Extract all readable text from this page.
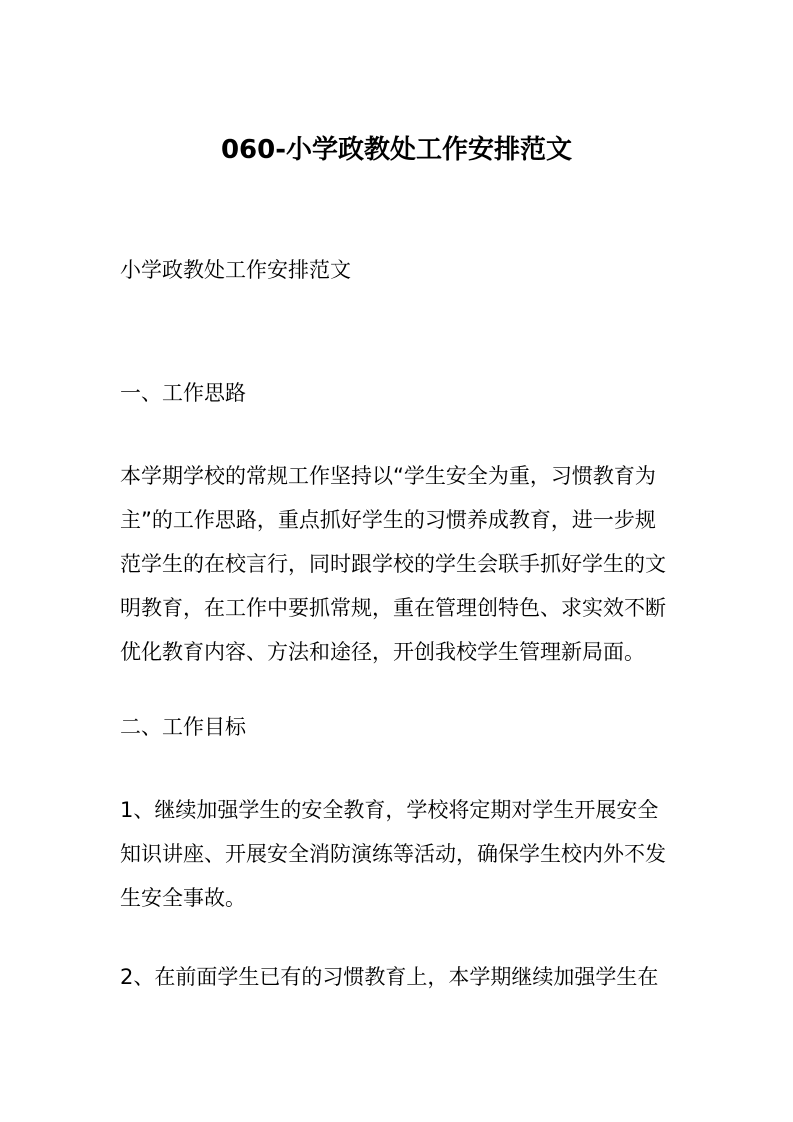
060-小学政教处工作安排范文
小学政教处工作安排范文
一、工作思路
本学期学校的常规工作坚持以“学生安全为重，习惯教育为
主”的工作思路，重点抓好学生的习惯养成教育，进一步规
范学生的在校言行，同时跟学校的学生会联手抓好学生的文
明教育，在工作中要抓常规，重在管理创特色、求实效不断
优化教育内容、方法和途径，开创我校学生管理新局面。
二、工作目标
1、继续加强学生的安全教育，学校将定期对学生开展安全
知识讲座、开展安全消防演练等活动，确保学生校内外不发
生安全事故。
2、在前面学生已有的习惯教育上，本学期继续加强学生在
